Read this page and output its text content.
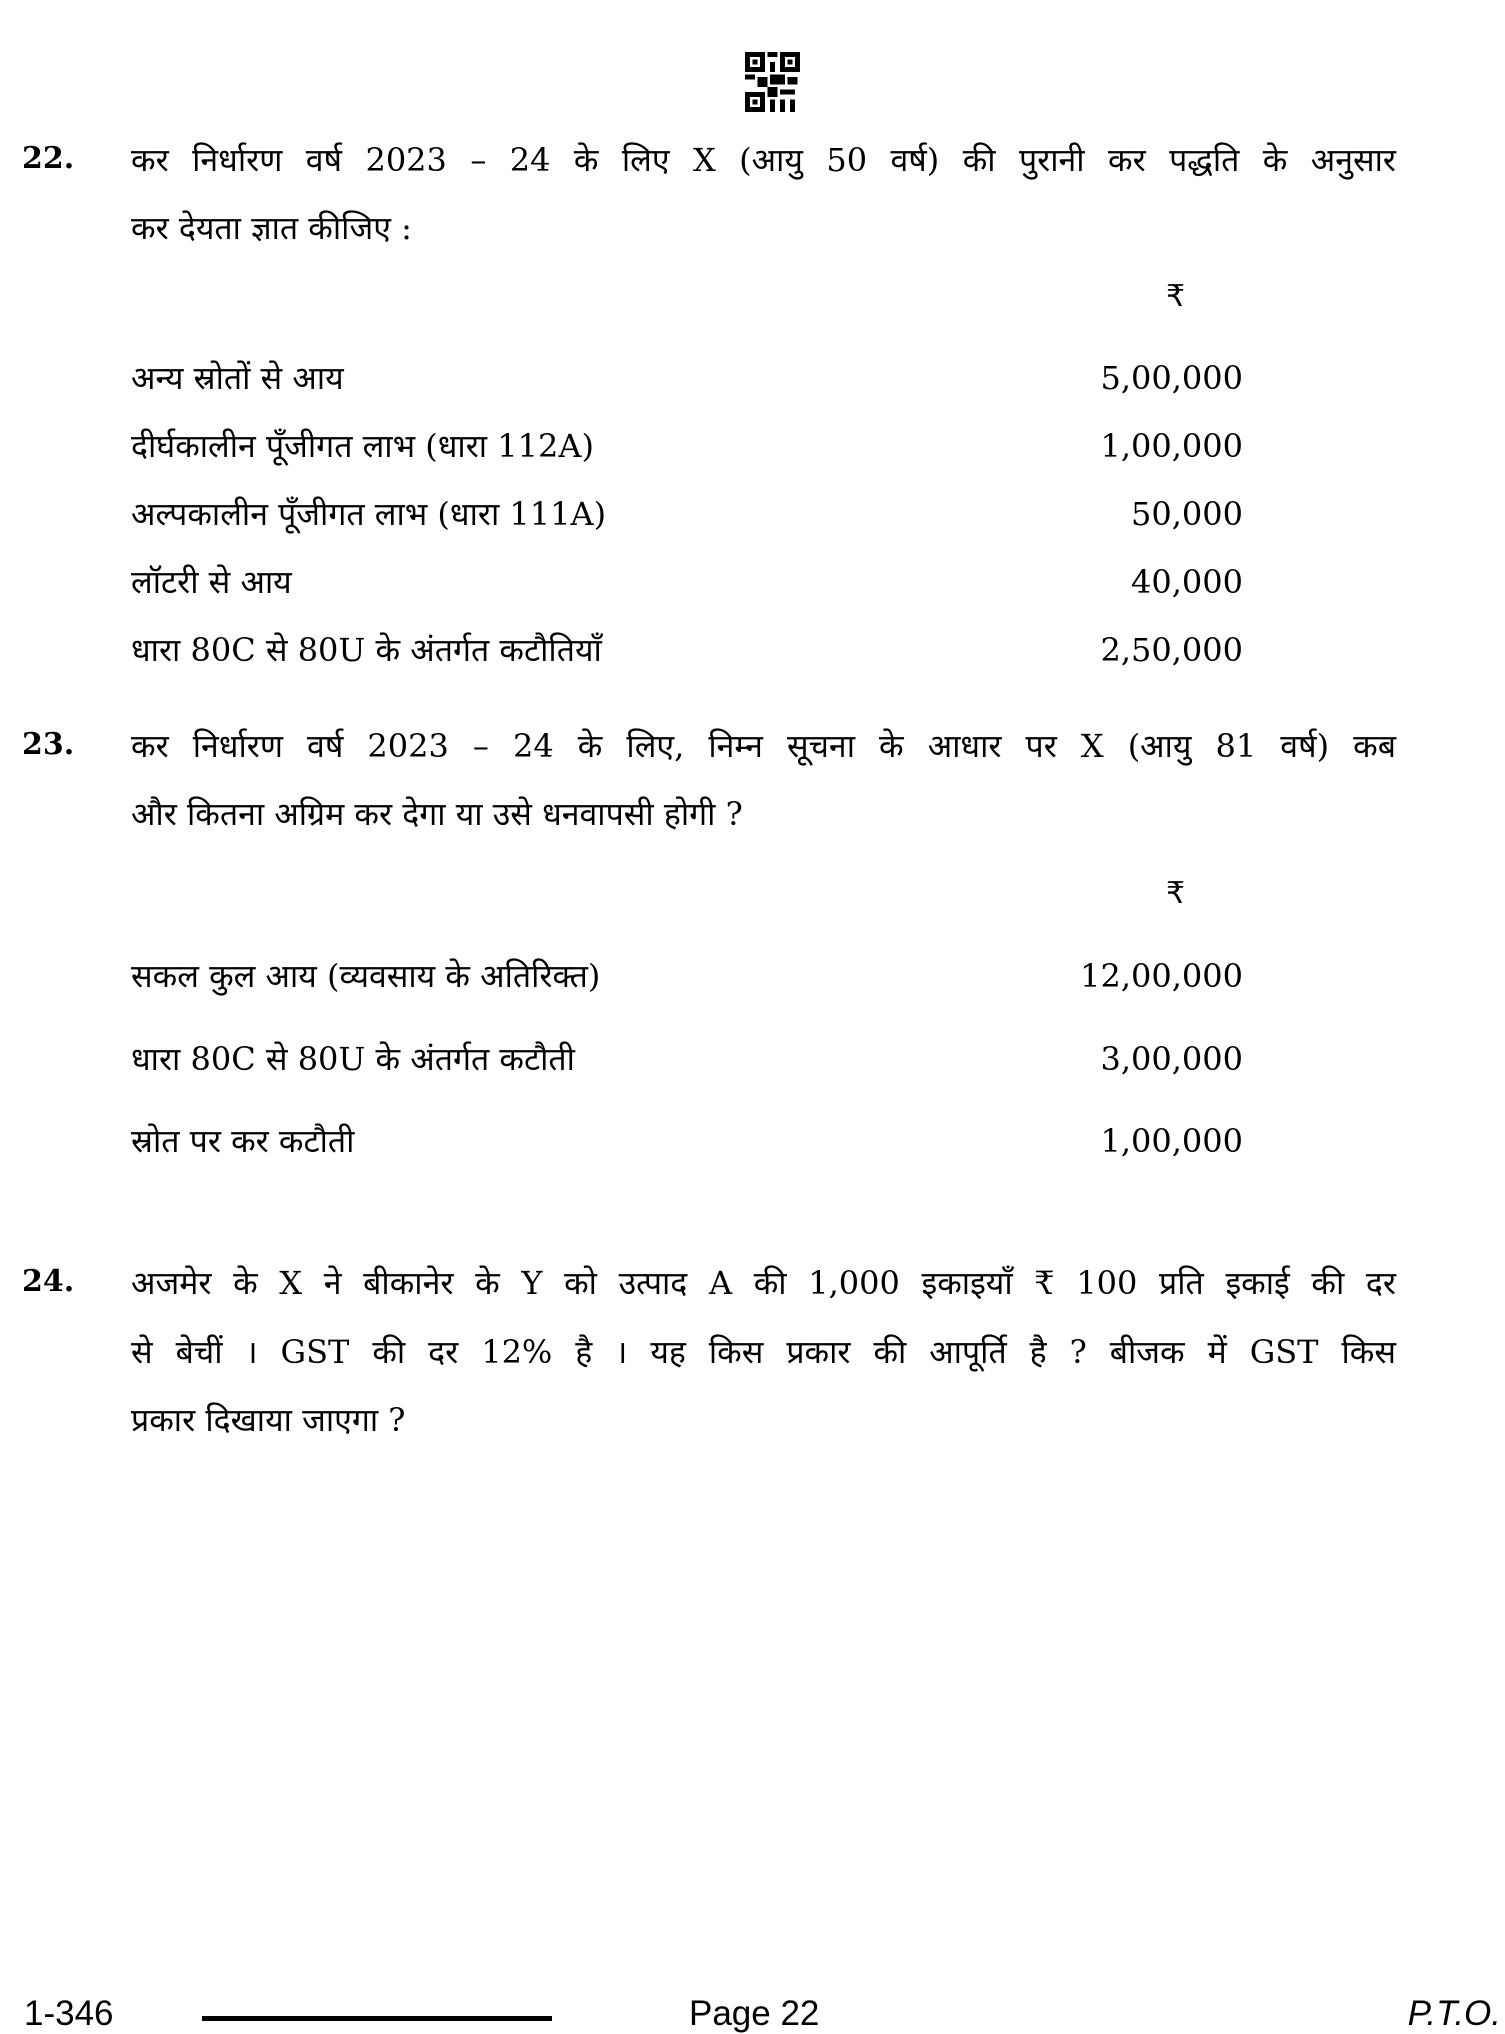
22. कर निर्धारण वर्ष 2023 – 24 के लिए X (आयु 50 वर्ष) की पुरानी कर पद्धति के अनुसार
कर देयता ज्ञात कीजिए :
₹
अन्य स्रोतों से आय	5,00,000
दीर्घकालीन पूँजीगत लाभ (धारा 112A)	1,00,000
अल्पकालीन पूँजीगत लाभ (धारा 111A)	50,000
लॉटरी से आय	40,000
धारा 80C से 80U के अंतर्गत कटौतियाँ	2,50,000
23. कर निर्धारण वर्ष 2023 – 24 के लिए, निम्न सूचना के आधार पर X (आयु 81 वर्ष) कब
और कितना अग्रिम कर देगा या उसे धनवापसी होगी ?
₹
सकल कुल आय (व्यवसाय के अतिरिक्त)	12,00,000
धारा 80C से 80U के अंतर्गत कटौती	3,00,000
स्रोत पर कर कटौती	1,00,000
24. अजमेर के X ने बीकानेर के Y को उत्पाद A की 1,000 इकाइयाँ ₹ 100 प्रति इकाई की दर
से बेचीं । GST की दर 12% है । यह किस प्रकार की आपूर्ति है ? बीजक में GST किस
प्रकार दिखाया जाएगा ?
1-346	Page 22	P.T.O.
